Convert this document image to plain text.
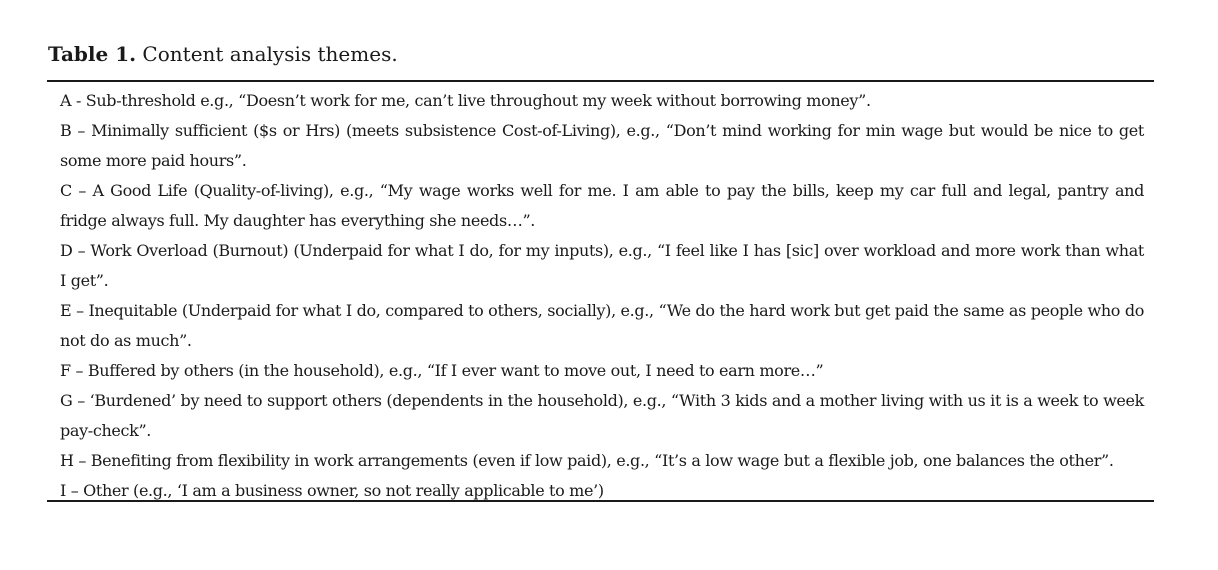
Table 1. Content analysis themes.
A - Sub-threshold e.g., “Doesn’t work for me, can’t live throughout my week without borrowing money”.
B – Minimally sufficient ($s or Hrs) (meets subsistence Cost-of-Living), e.g., “Don’t mind working for min wage but would be nice to get some more paid hours”.
C – A Good Life (Quality-of-living), e.g., “My wage works well for me. I am able to pay the bills, keep my car full and legal, pantry and fridge always full. My daughter has everything she needs…”.
D – Work Overload (Burnout) (Underpaid for what I do, for my inputs), e.g., “I feel like I has [sic] over workload and more work than what I get”.
E – Inequitable (Underpaid for what I do, compared to others, socially), e.g., “We do the hard work but get paid the same as people who do not do as much”.
F – Buffered by others (in the household), e.g., “If I ever want to move out, I need to earn more…”
G – ‘Burdened’ by need to support others (dependents in the household), e.g., “With 3 kids and a mother living with us it is a week to week pay-check”.
H – Benefiting from flexibility in work arrangements (even if low paid), e.g., “It’s a low wage but a flexible job, one balances the other”.
I – Other (e.g., ‘I am a business owner, so not really applicable to me’)
